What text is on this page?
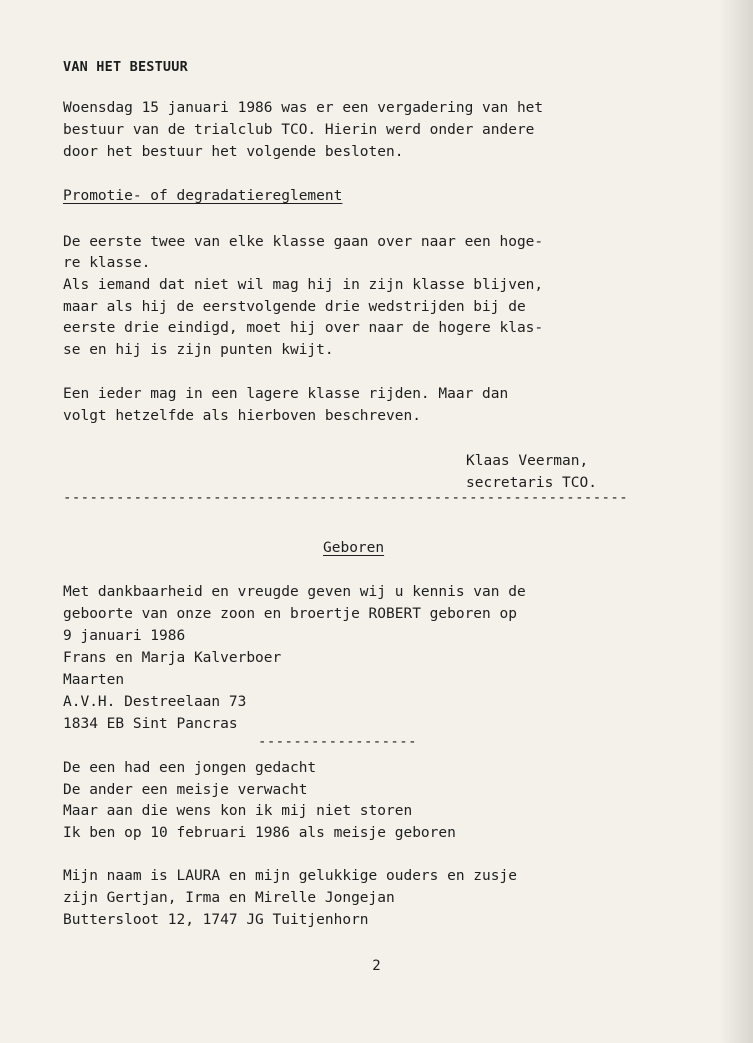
VAN HET BESTUUR
Woensdag 15 januari 1986 was er een vergadering van het
bestuur van de trialclub TCO. Hierin werd onder andere
door het bestuur het volgende besloten.
Promotie- of degradatiereglement
De eerste twee van elke klasse gaan over naar een hoge-
re klasse.
Als iemand dat niet wil mag hij in zijn klasse blijven,
maar als hij de eerstvolgende drie wedstrijden bij de
eerste drie eindigd, moet hij over naar de hogere klas-
se en hij is zijn punten kwijt.
Een ieder mag in een lagere klasse rijden. Maar dan
volgt hetzelfde als hierboven beschreven.
Klaas Veerman,
secretaris TCO.
----------------------------------------------------------------
Geboren
Met dankbaarheid en vreugde geven wij u kennis van de
geboorte van onze zoon en broertje ROBERT geboren op
9 januari 1986
Frans en Marja Kalverboer
Maarten
A.V.H. Destreelaan 73
1834 EB Sint Pancras
------------------
De een had een jongen gedacht
De ander een meisje verwacht
Maar aan die wens kon ik mij niet storen
Ik ben op 10 februari 1986 als meisje geboren
Mijn naam is LAURA en mijn gelukkige ouders en zusje
zijn Gertjan, Irma en Mirelle Jongejan
Buttersloot 12, 1747 JG Tuitjenhorn
2
